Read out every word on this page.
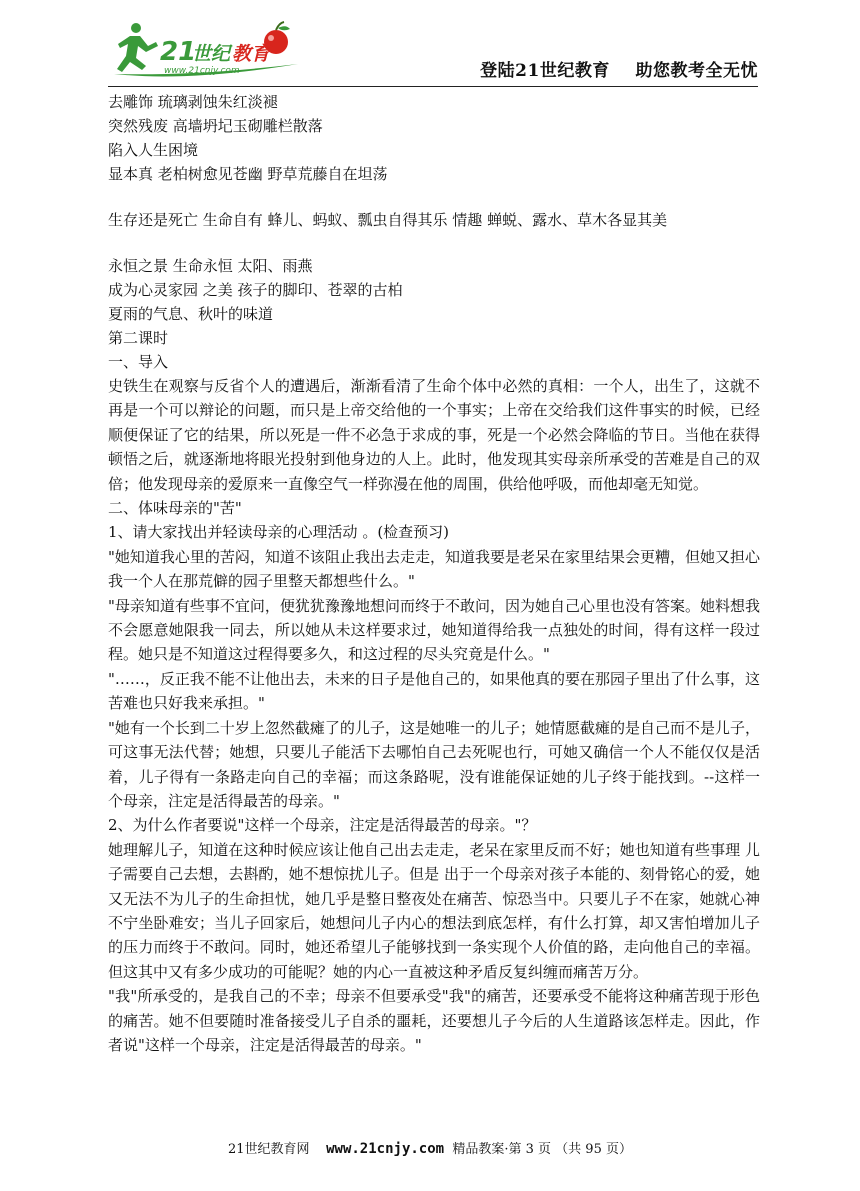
21
世纪 教育
www.21cnjy.com	登陆21世纪教育    助您教考全无忧
去雕饰 琉璃剥蚀朱红淡褪
突然残废 高墙坍圮玉砌雕栏散落
陷入人生困境
显本真 老柏树愈见苍幽 野草荒藤自在坦荡
生存还是死亡 生命自有 蜂儿、蚂蚁、瓢虫自得其乐 情趣 蝉蜕、露水、草木各显其美
永恒之景 生命永恒 太阳、雨燕
成为心灵家园 之美 孩子的脚印、苍翠的古柏
夏雨的气息、秋叶的味道
第二课时
一、导入
史铁生在观察与反省个人的遭遇后，渐渐看清了生命个体中必然的真相：一个人，出生了，这就不再是一个可以辩论的问题，而只是上帝交给他的一个事实；上帝在交给我们这件事实的时候，已经顺便保证了它的结果，所以死是一件不必急于求成的事，死是一个必然会降临的节日。当他在获得顿悟之后，就逐渐地将眼光投射到他身边的人上。此时，他发现其实母亲所承受的苦难是自己的双倍；他发现母亲的爱原来一直像空气一样弥漫在他的周围，供给他呼吸，而他却毫无知觉。
二、体味母亲的"苦"
1、请大家找出并轻读母亲的心理活动 。(检查预习)
"她知道我心里的苦闷，知道不该阻止我出去走走，知道我要是老呆在家里结果会更糟，但她又担心我一个人在那荒僻的园子里整天都想些什么。"
"母亲知道有些事不宜问，便犹犹豫豫地想问而终于不敢问，因为她自己心里也没有答案。她料想我不会愿意她限我一同去，所以她从未这样要求过，她知道得给我一点独处的时间，得有这样一段过程。她只是不知道这过程得要多久，和这过程的尽头究竟是什么。"
"……，反正我不能不让他出去，未来的日子是他自己的，如果他真的要在那园子里出了什么事，这苦难也只好我来承担。"
"她有一个长到二十岁上忽然截瘫了的儿子，这是她唯一的儿子；她情愿截瘫的是自己而不是儿子，可这事无法代替；她想，只要儿子能活下去哪怕自己去死呢也行，可她又确信一个人不能仅仅是活着，儿子得有一条路走向自己的幸福；而这条路呢，没有谁能保证她的儿子终于能找到。--这样一个母亲，注定是活得最苦的母亲。"
2、为什么作者要说"这样一个母亲，注定是活得最苦的母亲。"？
她理解儿子，知道在这种时候应该让他自己出去走走，老呆在家里反而不好；她也知道有些事理 儿子需要自己去想，去斟酌，她不想惊扰儿子。但是 出于一个母亲对孩子本能的、刻骨铭心的爱，她又无法不为儿子的生命担忧，她几乎是整日整夜处在痛苦、惊恐当中。只要儿子不在家，她就心神不宁坐卧难安；当儿子回家后，她想问儿子内心的想法到底怎样，有什么打算，却又害怕增加儿子的压力而终于不敢问。同时，她还希望儿子能够找到一条实现个人价值的路，走向他自己的幸福。但这其中又有多少成功的可能呢？她的内心一直被这种矛盾反复纠缠而痛苦万分。
"我"所承受的，是我自己的不幸；母亲不但要承受"我"的痛苦，还要承受不能将这种痛苦现于形色的痛苦。她不但要随时准备接受儿子自杀的噩耗，还要想儿子今后的人生道路该怎样走。因此，作者说"这样一个母亲，注定是活得最苦的母亲。"
21世纪教育网 www.21cnjy.com 精品教案·第 3 页 （共 95 页）
